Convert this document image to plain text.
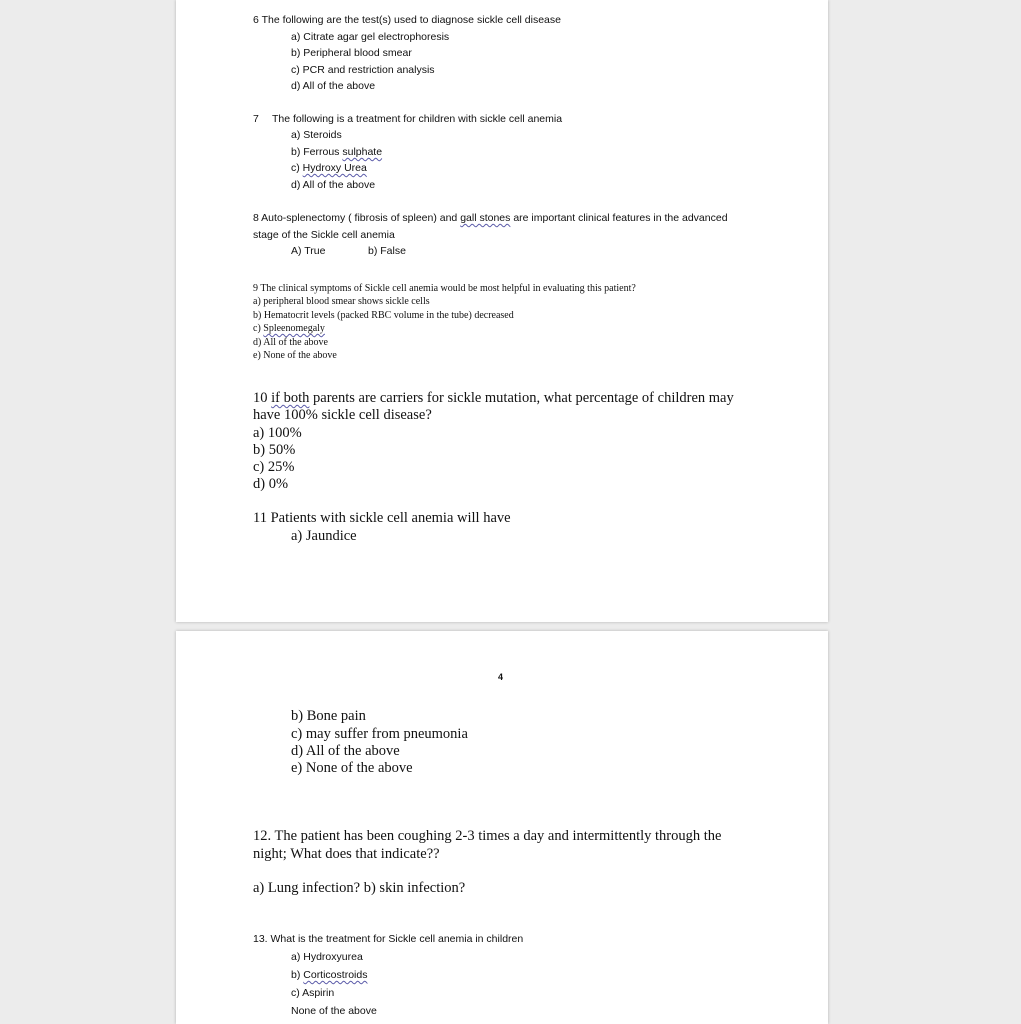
6 The following are the test(s) used to diagnose sickle cell disease
a) Citrate agar gel electrophoresis
b) Peripheral blood smear
c) PCR and restriction analysis
d) All of the above
7 The following is a treatment for children with sickle cell anemia
a) Steroids
b) Ferrous sulphate
c) Hydroxy Urea
d) All of the above
8 Auto-splenectomy ( fibrosis of spleen) and gall stones are important clinical features in the advanced
stage of the Sickle cell anemia
A) True	b) False
9 The clinical symptoms of Sickle cell anemia would be most helpful in evaluating this patient?
a) peripheral blood smear shows sickle cells
b) Hematocrit levels (packed RBC volume in the tube) decreased
c) Spleenomegaly
d) All of the above
e) None of the above
10 if both parents are carriers for sickle mutation, what percentage of children may
have 100% sickle cell disease?
a) 100%
b) 50%
c) 25%
d) 0%
11 Patients with sickle cell anemia will have
a) Jaundice
4
b) Bone pain
c) may suffer from pneumonia
d) All of the above
e) None of the above
12. The patient has been coughing 2-3 times a day and intermittently through the
night; What does that indicate??
a) Lung infection? b) skin infection?
13. What is the treatment for Sickle cell anemia in children
a) Hydroxyurea
b) Corticostroids
c) Aspirin
None of the above
